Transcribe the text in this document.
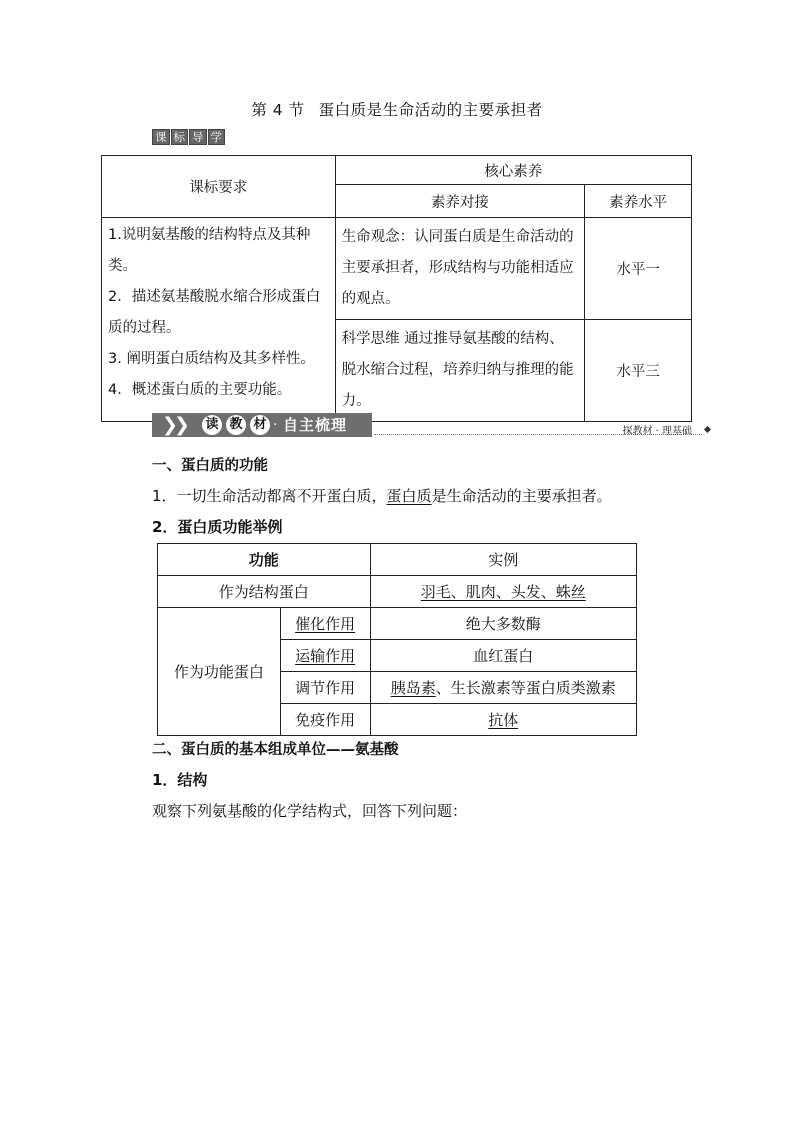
第 4 节 蛋白质是生命活动的主要承担者
课 标 导 学
课标要求	核心素养	
	素养对接	素养水平

1.说明氨基酸的结构特点及其种类。
2．描述氨基酸脱水缩合形成蛋白质的过程。
3. 阐明蛋白质结构及其多样性。
4．概述蛋白质的主要功能。	生命观念：认同蛋白质是生命活动的主要承担者，形成结构与功能相适应的观点。	水平一

	科学思维 通过推导氨基酸的结构、脱水缩合过程，培养归纳与推理的能力。	水平三
❯
❯ 读 教 材 · 自主梳理	探教材 · 理基础
一、蛋白质的功能
1．一切生命活动都离不开蛋白质，蛋白质是生命活动的主要承担者。
2．蛋白质功能举例
功能		实例
作为结构蛋白		羽毛、肌肉、头发、蛛丝
作为功能蛋白	催化作用	绝大多数酶
	运输作用	血红蛋白
	调节作用	胰岛素、生长激素等蛋白质类激素
	免疫作用	抗体
二、蛋白质的基本组成单位——氨基酸
1．结构
观察下列氨基酸的化学结构式，回答下列问题：
